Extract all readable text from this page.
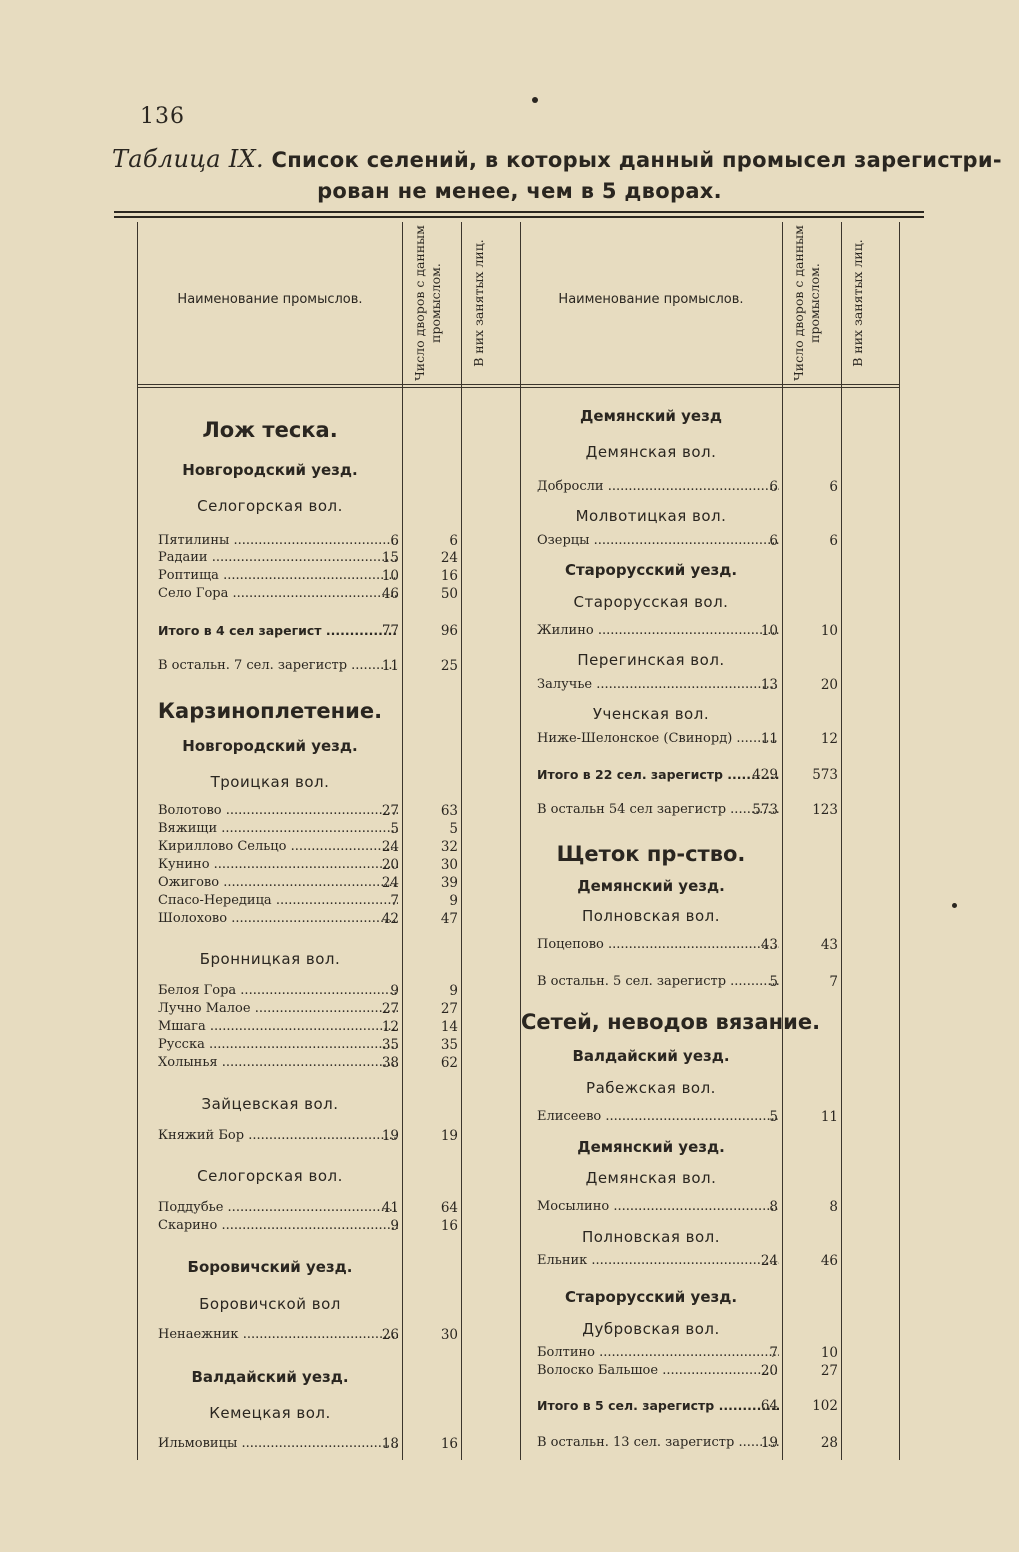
136
Таблица IX. Список селений, в которых данный промысел зарегистри-
рован не менее, чем в 5 дворах.
Наименование промыслов.	Число дворов с данным промыслом.	В них занятых лиц.	Наименование промыслов.	Число дворов с данным промыслом.	В них занятых лиц.
Лож теска.
Новгородский уезд.
Селогорская вол.
Пятилины .....	6	6
Радаии .....	15	24
Роптища .....	10	16
Село Гора .....	46	50
Итого в 4 сел зарегист .....	77	96
В остальн. 7 сел. зарегистр .....	11	25
Карзиноплетение.
Новгородский уезд.
Троицкая вол.
Волотово .....	27	63
Вяжищи .....	5	5
Кириллово Сельцо .....	24	32
Кунино .....	20	30
Ожигово .....	24	39
Спасо-Нередица .....	7	9
Шолохово .....	42	47
Бронницкая вол.
Белоя Гора .....	9	9
Лучно Малое .....	27	27
Мшага .....	12	14
Русска .....	35	35
Холынья .....	38	62
Зайцевская вол.
Княжий Бор .....	19	19
Селогорская вол.
Поддубье .....	41	64
Скарино .....	9	16
Боровичский уезд.
Боровичской вол
Ненаежник .....	26	30
Валдайский уезд.
Кемецкая вол.
Ильмовицы .....	18	16
Демянский уезд
Демянская вол.
Добросли .....	6	6
Молвотицкая вол.
Озерцы .....	6	6
Старорусский уезд.
Старорусская вол.
Жилино .....	10	10
Перегинская вол.
Залучье .....	13	20
Ученская вол.
Ниже-Шелонское (Свинорд) .....	11	12
Итого в 22 сел. зарегистр .....	429	573
В остальн 54 сел зарегистр .....	573	123
Щеток пр-ство.
Демянский уезд.
Полновская вол.
Поцепово .....	43	43
В остальн. 5 сел. зарегистр .....	5	7
Сетей, неводов вязание.
Валдайский уезд.
Рабежская вол.
Елисеево .....	5	11
Демянский уезд.
Демянская вол.
Мосылино .....	8	8
Полновская вол.
Ельник .....	24	46
Старорусский уезд.
Дубровская вол.
Болтино .....	7	10
Волоско Бальшое .....	20	27
Итого в 5 сел. зарегистр .....	64	102
В остальн. 13 сел. зарегистр .....	19	28
